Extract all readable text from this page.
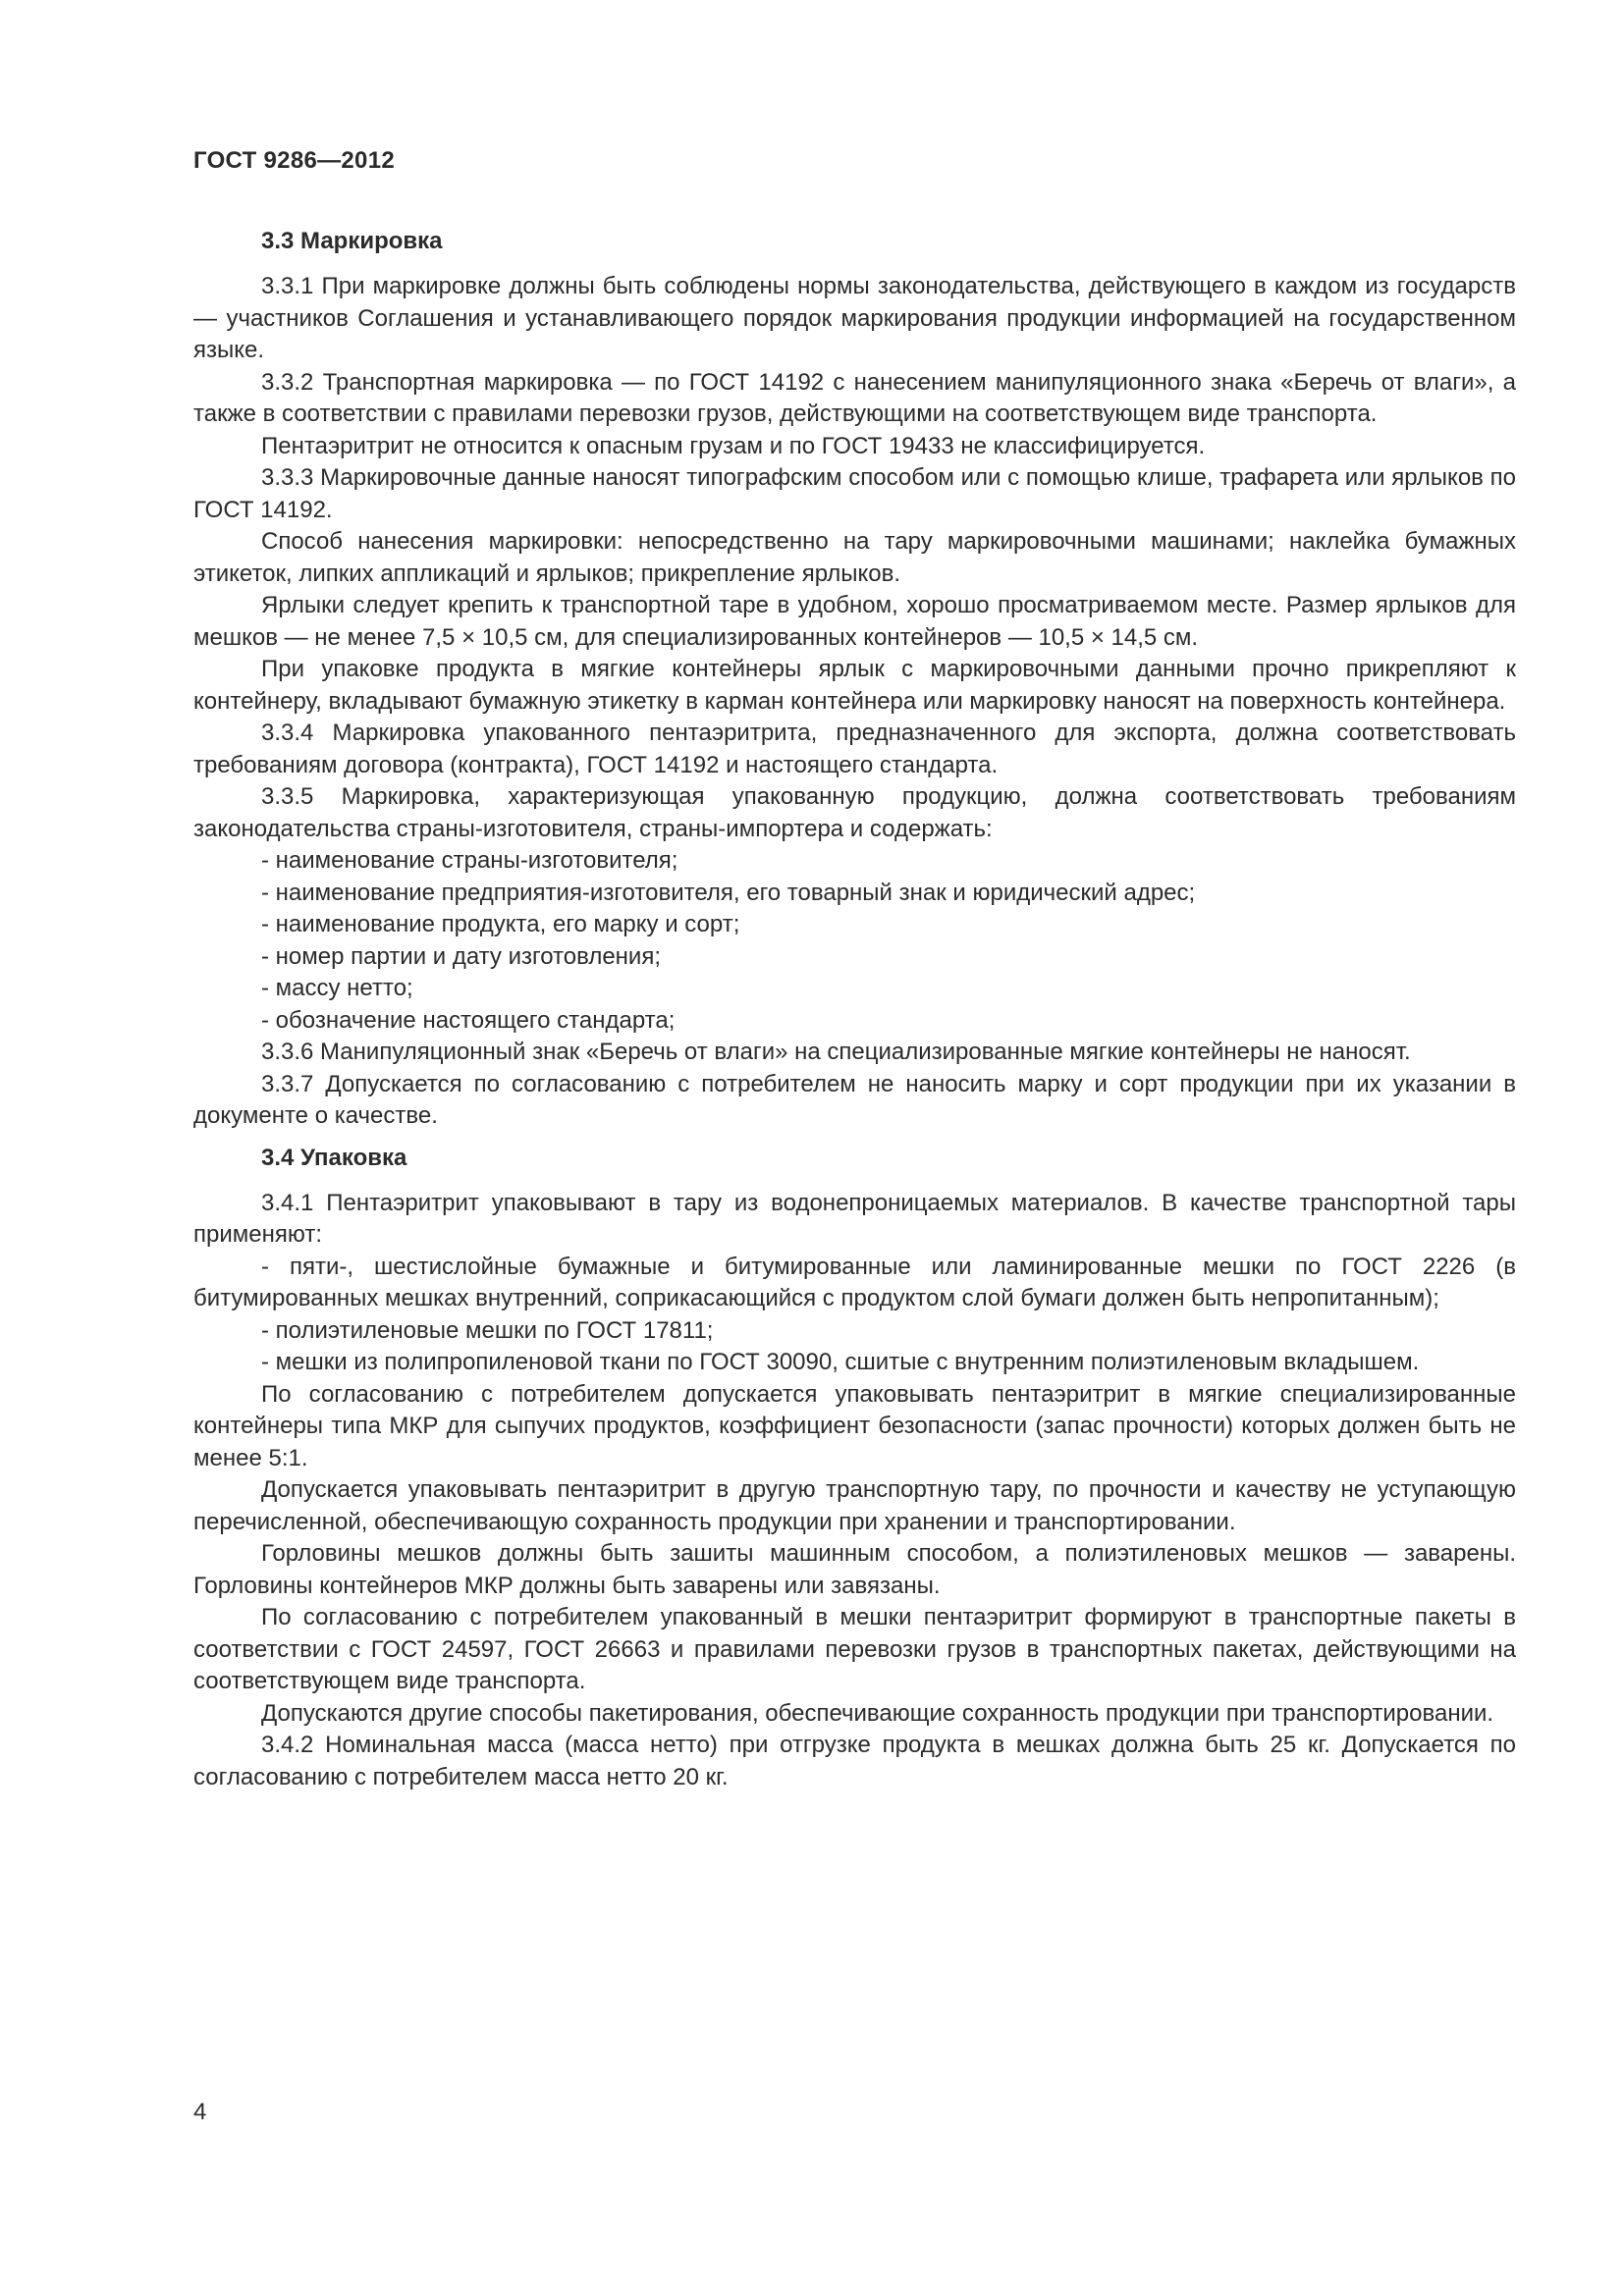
ГОСТ 9286—2012
3.3 Маркировка

3.3.1 При маркировке должны быть соблюдены нормы законодательства, действующего в каждом из государств — участников Соглашения и устанавливающего порядок маркирования продукции информацией на государственном языке.

3.3.2 Транспортная маркировка — по ГОСТ 14192 с нанесением манипуляционного знака «Беречь от влаги», а также в соответствии с правилами перевозки грузов, действующими на соответствующем виде транспорта.

Пентаэритрит не относится к опасным грузам и по ГОСТ 19433 не классифицируется.

3.3.3 Маркировочные данные наносят типографским способом или с помощью клише, трафарета или ярлыков по ГОСТ 14192.

Способ нанесения маркировки: непосредственно на тару маркировочными машинами; наклейка бумажных этикеток, липких аппликаций и ярлыков; прикрепление ярлыков.

Ярлыки следует крепить к транспортной таре в удобном, хорошо просматриваемом месте. Размер ярлыков для мешков — не менее 7,5 × 10,5 см, для специализированных контейнеров — 10,5 × 14,5 см.

При упаковке продукта в мягкие контейнеры ярлык с маркировочными данными прочно прикрепляют к контейнеру, вкладывают бумажную этикетку в карман контейнера или маркировку наносят на поверхность контейнера.

3.3.4 Маркировка упакованного пентаэритрита, предназначенного для экспорта, должна соответствовать требованиям договора (контракта), ГОСТ 14192 и настоящего стандарта.

3.3.5 Маркировка, характеризующая упакованную продукцию, должна соответствовать требованиям законодательства страны-изготовителя, страны-импортера и содержать:

- наименование страны-изготовителя;

- наименование предприятия-изготовителя, его товарный знак и юридический адрес;

- наименование продукта, его марку и сорт;

- номер партии и дату изготовления;

- массу нетто;

- обозначение настоящего стандарта;

3.3.6 Манипуляционный знак «Беречь от влаги» на специализированные мягкие контейнеры не наносят.

3.3.7 Допускается по согласованию с потребителем не наносить марку и сорт продукции при их указании в документе о качестве.

3.4 Упаковка

3.4.1 Пентаэритрит упаковывают в тару из водонепроницаемых материалов. В качестве транспортной тары применяют:

- пяти-, шестислойные бумажные и битумированные или ламинированные мешки по ГОСТ 2226 (в битумированных мешках внутренний, соприкасающийся с продуктом слой бумаги должен быть непропитанным);

- полиэтиленовые мешки по ГОСТ 17811;

- мешки из полипропиленовой ткани по ГОСТ 30090, сшитые с внутренним полиэтиленовым вкладышем.

По согласованию с потребителем допускается упаковывать пентаэритрит в мягкие специализированные контейнеры типа МКР для сыпучих продуктов, коэффициент безопасности (запас прочности) которых должен быть не менее 5:1.

Допускается упаковывать пентаэритрит в другую транспортную тару, по прочности и качеству не уступающую перечисленной, обеспечивающую сохранность продукции при хранении и транспортировании.

Горловины мешков должны быть зашиты машинным способом, а полиэтиленовых мешков — заварены. Горловины контейнеров МКР должны быть заварены или завязаны.

По согласованию с потребителем упакованный в мешки пентаэритрит формируют в транспортные пакеты в соответствии с ГОСТ 24597, ГОСТ 26663 и правилами перевозки грузов в транспортных пакетах, действующими на соответствующем виде транспорта.

Допускаются другие способы пакетирования, обеспечивающие сохранность продукции при транспортировании.

3.4.2 Номинальная масса (масса нетто) при отгрузке продукта в мешках должна быть 25 кг. Допускается по согласованию с потребителем масса нетто 20 кг.

4
